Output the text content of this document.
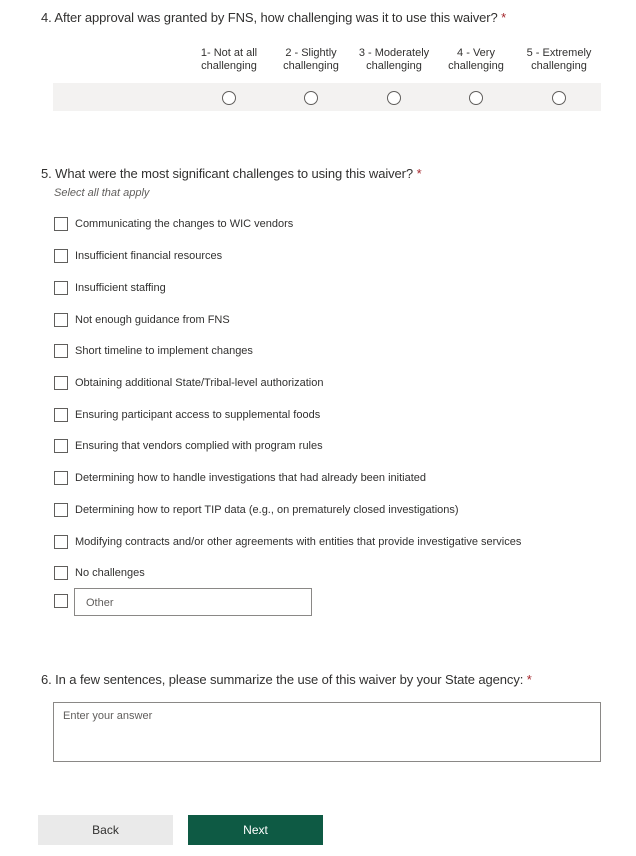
4. After approval was granted by FNS, how challenging was it to use this waiver? *
1- Not at all
challenging
2 - Slightly
challenging
3 - Moderately
challenging
4 - Very
challenging
5 - Extremely
challenging
5. What were the most significant challenges to using this waiver? *
Select all that apply
Communicating the changes to WIC vendors
Insufficient financial resources
Insufficient staffing
Not enough guidance from FNS
Short timeline to implement changes
Obtaining additional State/Tribal-level authorization
Ensuring participant access to supplemental foods
Ensuring that vendors complied with program rules
Determining how to handle investigations that had already been initiated
Determining how to report TIP data (e.g., on prematurely closed investigations)
Modifying contracts and/or other agreements with entities that provide investigative services
No challenges
Other
6. In a few sentences, please summarize the use of this waiver by your State agency: *
Enter your answer
Back	Next
